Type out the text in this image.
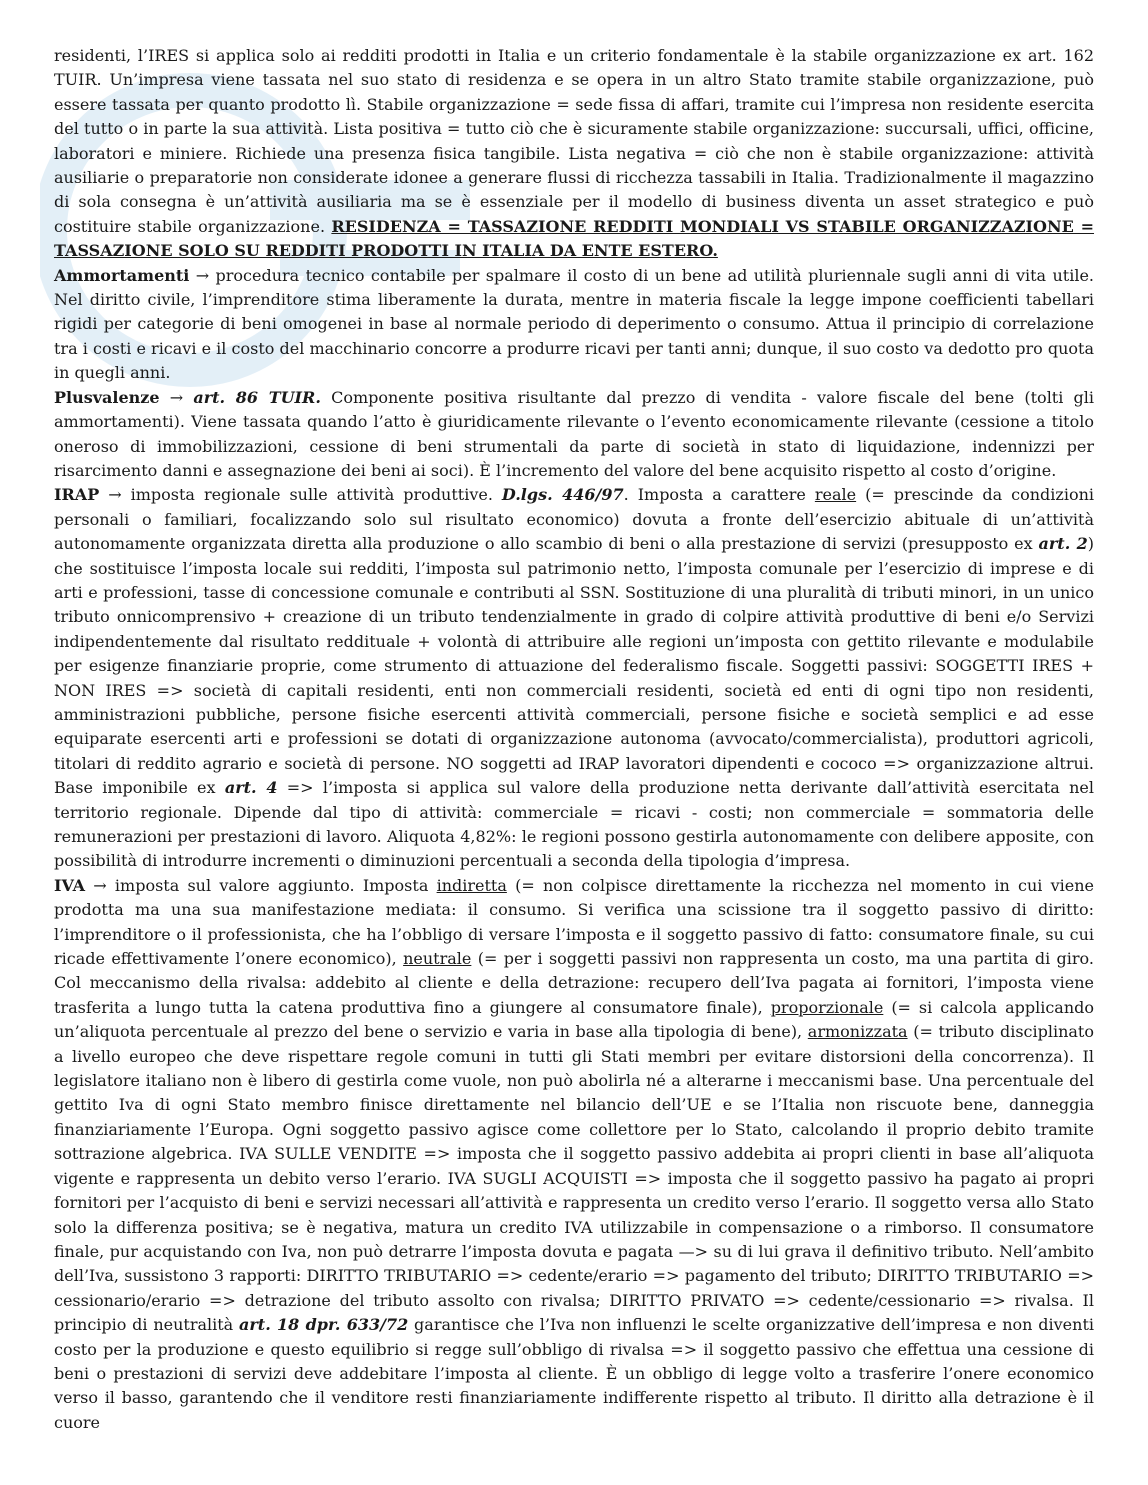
residenti, l’IRES si applica solo ai redditi prodotti in Italia e un criterio fondamentale è la stabile organizzazione ex art. 162 TUIR. Un’impresa viene tassata nel suo stato di residenza e se opera in un altro Stato tramite stabile organizzazione, può essere tassata per quanto prodotto lì. Stabile organizzazione = sede fissa di affari, tramite cui l’impresa non residente esercita del tutto o in parte la sua attività. Lista positiva = tutto ciò che è sicuramente stabile organizzazione: succursali, uffici, officine, laboratori e miniere. Richiede una presenza fisica tangibile. Lista negativa = ciò che non è stabile organizzazione: attività ausiliarie o preparatorie non considerate idonee a generare flussi di ricchezza tassabili in Italia. Tradizionalmente il magazzino di sola consegna è un’attività ausiliaria ma se è essenziale per il modello di business diventa un asset strategico e può costituire stabile organizzazione. RESIDENZA = TASSAZIONE REDDITI MONDIALI VS STABILE ORGANIZZAZIONE = TASSAZIONE SOLO SU REDDITI PRODOTTI IN ITALIA DA ENTE ESTERO.

Ammortamenti → procedura tecnico contabile per spalmare il costo di un bene ad utilità pluriennale sugli anni di vita utile. Nel diritto civile, l’imprenditore stima liberamente la durata, mentre in materia fiscale la legge impone coefficienti tabellari rigidi per categorie di beni omogenei in base al normale periodo di deperimento o consumo. Attua il principio di correlazione tra i costi e ricavi e il costo del macchinario concorre a produrre ricavi per tanti anni; dunque, il suo costo va dedotto pro quota in quegli anni.

Plusvalenze → art. 86 TUIR. Componente positiva risultante dal prezzo di vendita - valore fiscale del bene (tolti gli ammortamenti). Viene tassata quando l’atto è giuridicamente rilevante o l’evento economicamente rilevante (cessione a titolo oneroso di immobilizzazioni, cessione di beni strumentali da parte di società in stato di liquidazione, indennizzi per risarcimento danni e assegnazione dei beni ai soci). È l’incremento del valore del bene acquisito rispetto al costo d’origine.

IRAP → imposta regionale sulle attività produttive. D.lgs. 446/97. Imposta a carattere reale (= prescinde da condizioni personali o familiari, focalizzando solo sul risultato economico) dovuta a fronte dell’esercizio abituale di un’attività autonomamente organizzata diretta alla produzione o allo scambio di beni o alla prestazione di servizi (presupposto ex art. 2) che sostituisce l’imposta locale sui redditi, l’imposta sul patrimonio netto, l’imposta comunale per l’esercizio di imprese e di arti e professioni, tasse di concessione comunale e contributi al SSN. Sostituzione di una pluralità di tributi minori, in un unico tributo onnicomprensivo + creazione di un tributo tendenzialmente in grado di colpire attività produttive di beni e/o Servizi indipendentemente dal risultato reddituale + volontà di attribuire alle regioni un’imposta con gettito rilevante e modulabile per esigenze finanziarie proprie, come strumento di attuazione del federalismo fiscale. Soggetti passivi: SOGGETTI IRES + NON IRES => società di capitali residenti, enti non commerciali residenti, società ed enti di ogni tipo non residenti, amministrazioni pubbliche, persone fisiche esercenti attività commerciali, persone fisiche e società semplici e ad esse equiparate esercenti arti e professioni se dotati di organizzazione autonoma (avvocato/commercialista), produttori agricoli, titolari di reddito agrario e società di persone. NO soggetti ad IRAP lavoratori dipendenti e cococo => organizzazione altrui. Base imponibile ex art. 4 => l’imposta si applica sul valore della produzione netta derivante dall’attività esercitata nel territorio regionale. Dipende dal tipo di attività: commerciale = ricavi - costi; non commerciale = sommatoria delle remunerazioni per prestazioni di lavoro. Aliquota 4,82%: le regioni possono gestirla autonomamente con delibere apposite, con possibilità di introdurre incrementi o diminuzioni percentuali a seconda della tipologia d’impresa.

IVA → imposta sul valore aggiunto. Imposta indiretta (= non colpisce direttamente la ricchezza nel momento in cui viene prodotta ma una sua manifestazione mediata: il consumo. Si verifica una scissione tra il soggetto passivo di diritto: l’imprenditore o il professionista, che ha l’obbligo di versare l’imposta e il soggetto passivo di fatto: consumatore finale, su cui ricade effettivamente l’onere economico), neutrale (= per i soggetti passivi non rappresenta un costo, ma una partita di giro. Col meccanismo della rivalsa: addebito al cliente e della detrazione: recupero dell’Iva pagata ai fornitori, l’imposta viene trasferita a lungo tutta la catena produttiva fino a giungere al consumatore finale), proporzionale (= si calcola applicando un’aliquota percentuale al prezzo del bene o servizio e varia in base alla tipologia di bene), armonizzata (= tributo disciplinato a livello europeo che deve rispettare regole comuni in tutti gli Stati membri per evitare distorsioni della concorrenza). Il legislatore italiano non è libero di gestirla come vuole, non può abolirla né a alterarne i meccanismi base. Una percentuale del gettito Iva di ogni Stato membro finisce direttamente nel bilancio dell’UE e se l’Italia non riscuote bene, danneggia finanziariamente l’Europa. Ogni soggetto passivo agisce come collettore per lo Stato, calcolando il proprio debito tramite sottrazione algebrica. IVA SULLE VENDITE => imposta che il soggetto passivo addebita ai propri clienti in base all’aliquota vigente e rappresenta un debito verso l’erario. IVA SUGLI ACQUISTI => imposta che il soggetto passivo ha pagato ai propri fornitori per l’acquisto di beni e servizi necessari all’attività e rappresenta un credito verso l’erario. Il soggetto versa allo Stato solo la differenza positiva; se è negativa, matura un credito IVA utilizzabile in compensazione o a rimborso. Il consumatore finale, pur acquistando con Iva, non può detrarre l’imposta dovuta e pagata —> su di lui grava il definitivo tributo. Nell’ambito dell’Iva, sussistono 3 rapporti: DIRITTO TRIBUTARIO => cedente/erario => pagamento del tributo; DIRITTO TRIBUTARIO => cessionario/erario => detrazione del tributo assolto con rivalsa; DIRITTO PRIVATO => cedente/cessionario => rivalsa. Il principio di neutralità art. 18 dpr. 633/72 garantisce che l’Iva non influenzi le scelte organizzative dell’impresa e non diventi costo per la produzione e questo equilibrio si regge sull’obbligo di rivalsa => il soggetto passivo che effettua una cessione di beni o prestazioni di servizi deve addebitare l’imposta al cliente. È un obbligo di legge volto a trasferire l’onere economico verso il basso, garantendo che il venditore resti finanziariamente indifferente rispetto al tributo. Il diritto alla detrazione è il cuore
